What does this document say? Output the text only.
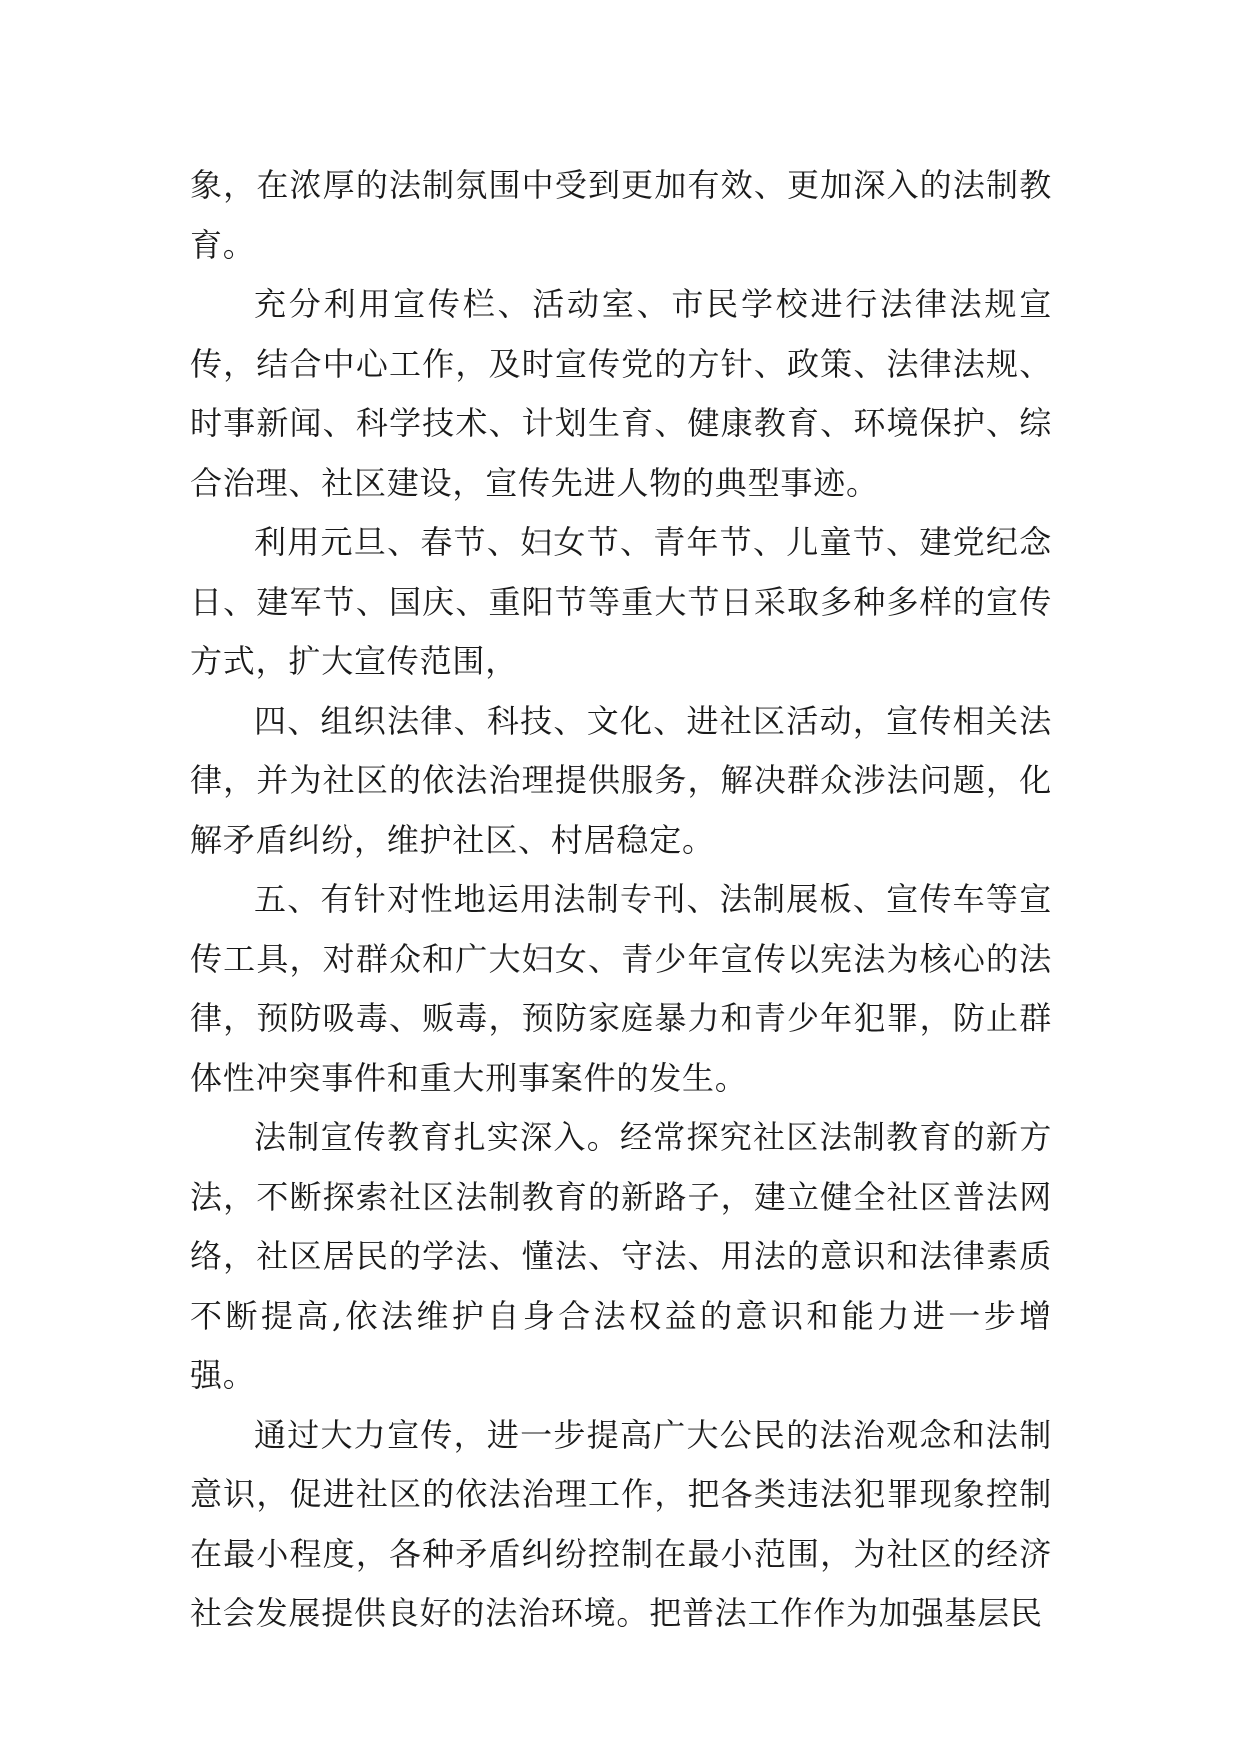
象，在浓厚的法制氛围中受到更加有效、更加深入的法制教育。

充分利用宣传栏、活动室、市民学校进行法律法规宣传，结合中心工作，及时宣传党的方针、政策、法律法规、时事新闻、科学技术、计划生育、健康教育、环境保护、综合治理、社区建设，宣传先进人物的典型事迹。

利用元旦、春节、妇女节、青年节、儿童节、建党纪念日、建军节、国庆、重阳节等重大节日采取多种多样的宣传方式，扩大宣传范围，

四、组织法律、科技、文化、进社区活动，宣传相关法律，并为社区的依法治理提供服务，解决群众涉法问题，化解矛盾纠纷，维护社区、村居稳定。

五、有针对性地运用法制专刊、法制展板、宣传车等宣传工具，对群众和广大妇女、青少年宣传以宪法为核心的法律，预防吸毒、贩毒，预防家庭暴力和青少年犯罪，防止群体性冲突事件和重大刑事案件的发生。

法制宣传教育扎实深入。经常探究社区法制教育的新方法，不断探索社区法制教育的新路子，建立健全社区普法网络，社区居民的学法、懂法、守法、用法的意识和法律素质不断提高,依法维护自身合法权益的意识和能力进一步增强。

通过大力宣传，进一步提高广大公民的法治观念和法制意识，促进社区的依法治理工作，把各类违法犯罪现象控制在最小程度，各种矛盾纠纷控制在最小范围，为社区的经济社会发展提供良好的法治环境。把普法工作作为加强基层民
